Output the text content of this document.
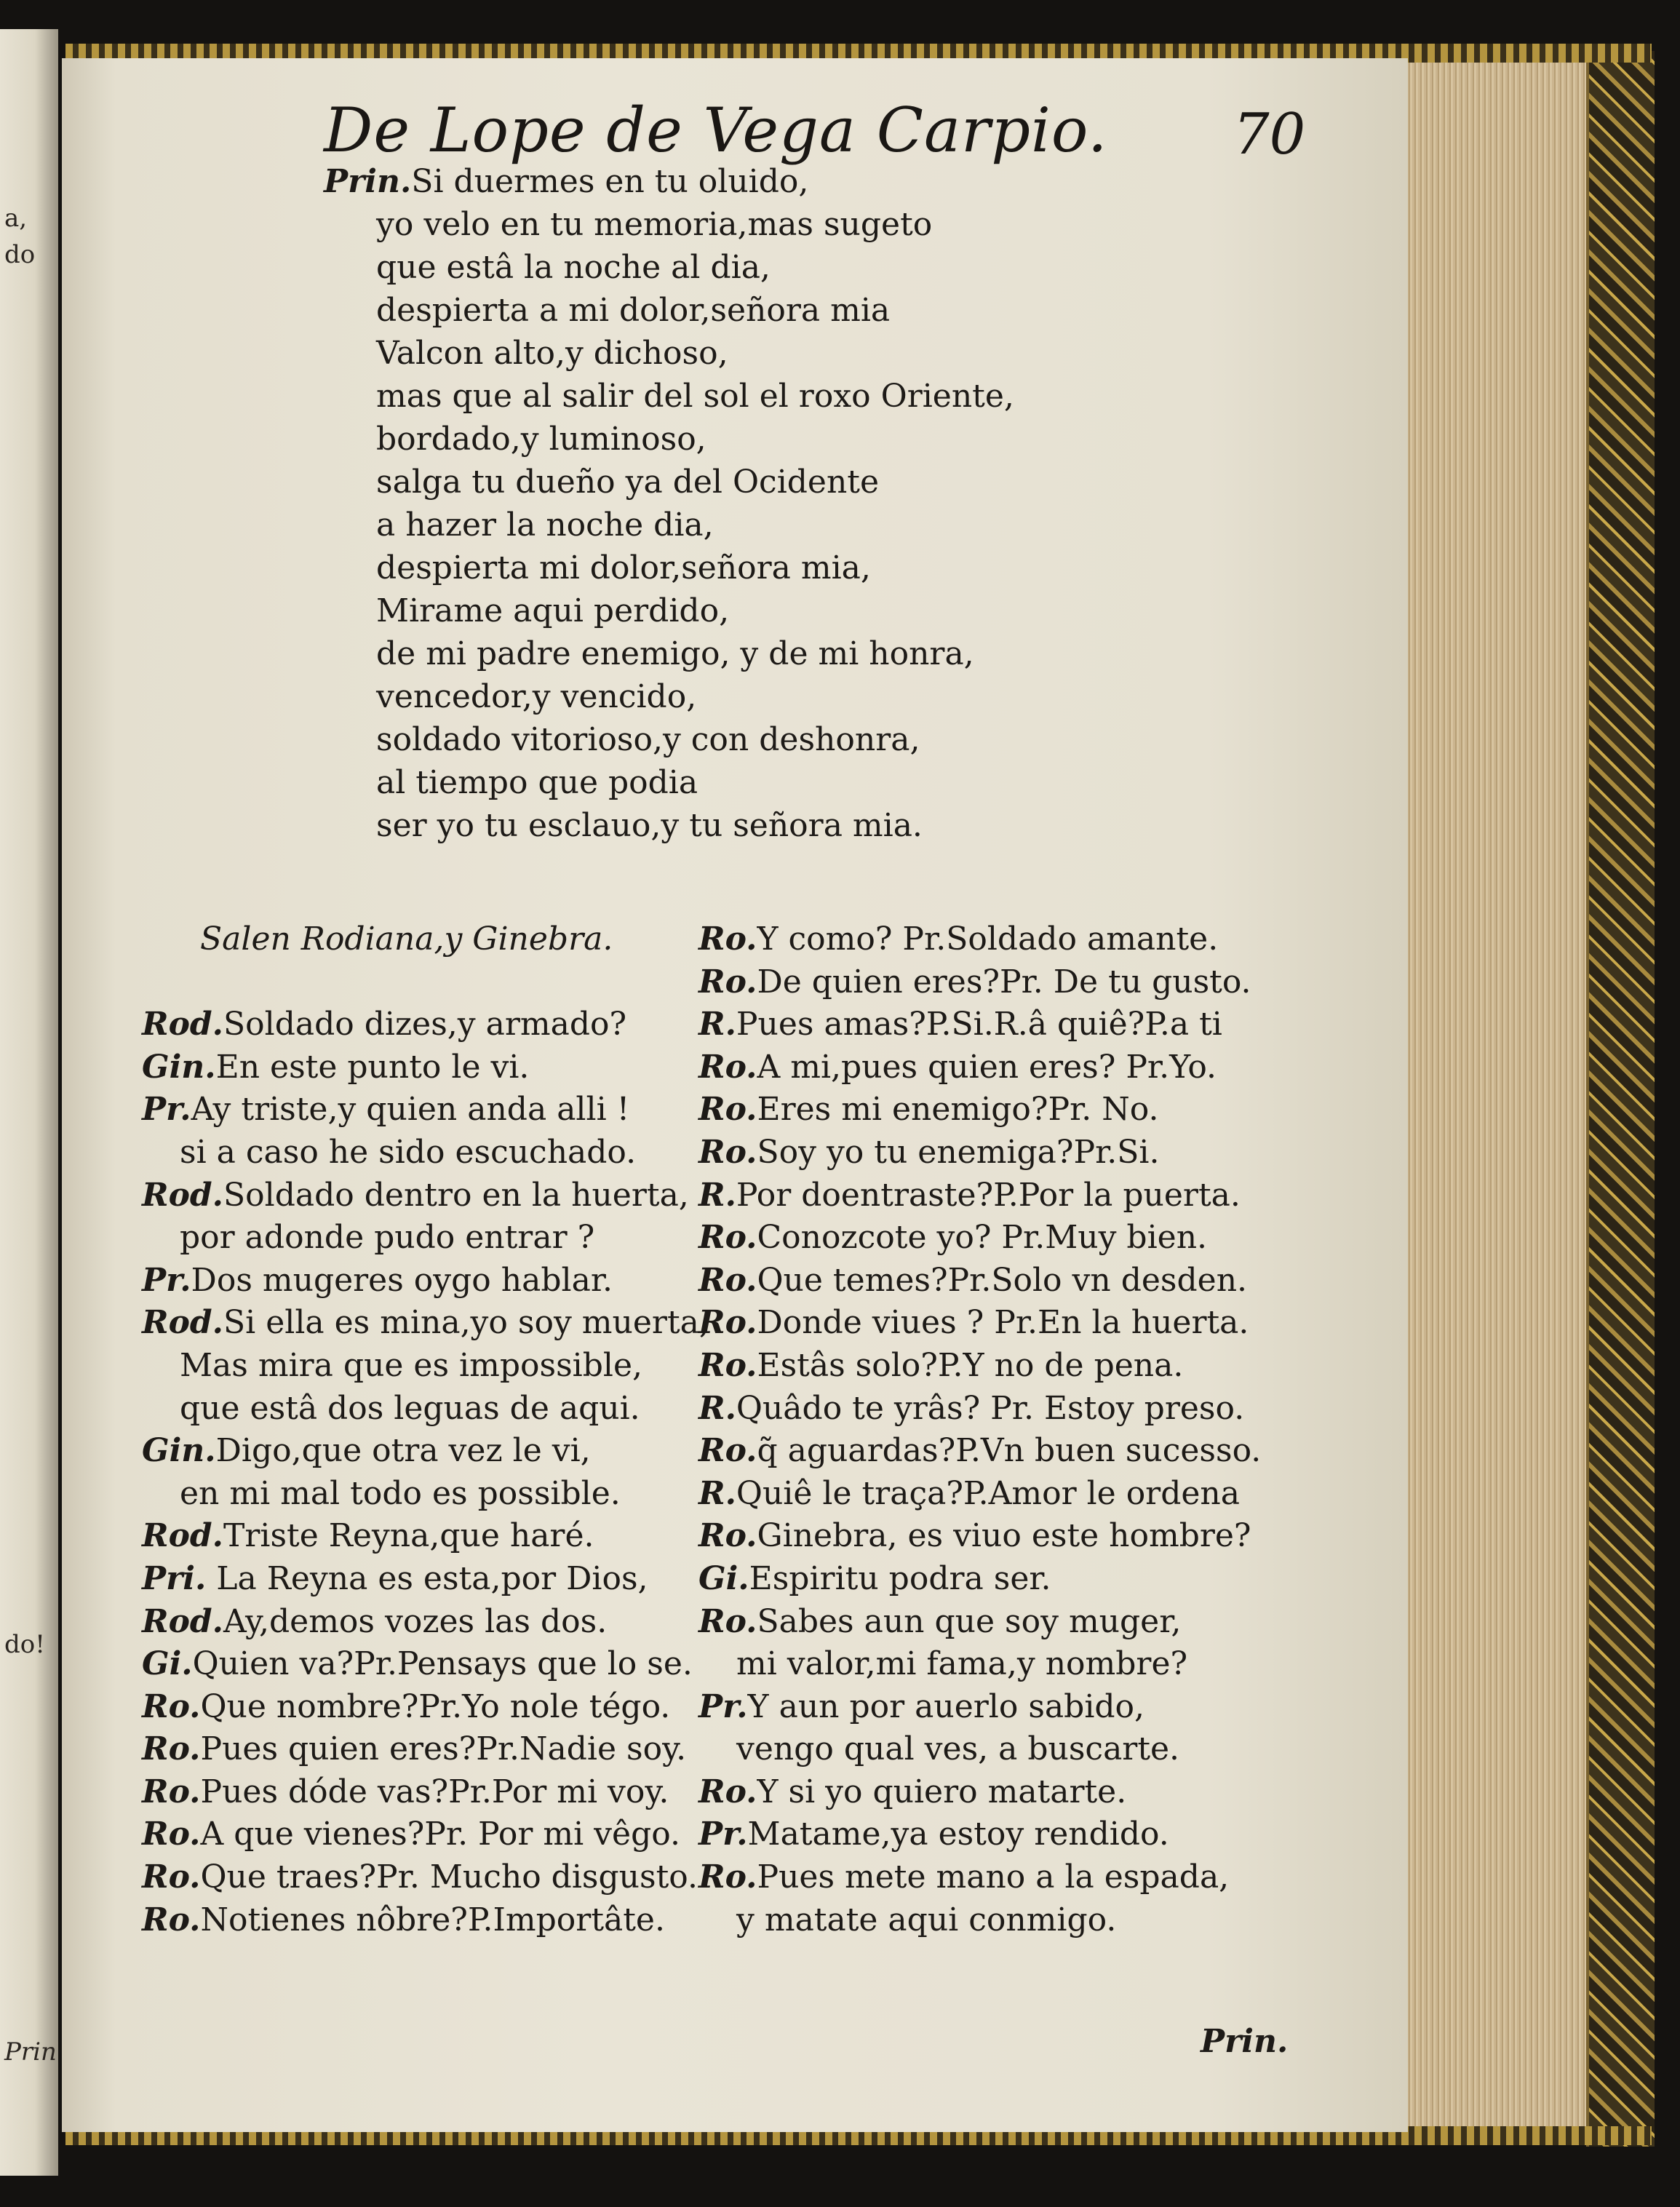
a,
do
do!
Prin
De Lope de Vega Carpio. 70
Prin.Si duermes en tu oluido,
yo velo en tu memoria,mas sugeto
que estâ la noche al dia,
despierta a mi dolor,señora mia
Valcon alto,y dichoso,
mas que al salir del sol el roxo Oriente,
bordado,y luminoso,
salga tu dueño ya del Ocidente
a hazer la noche dia,
despierta mi dolor,señora mia,
Mirame aqui perdido,
de mi padre enemigo, y de mi honra,
vencedor,y vencido,
soldado vitorioso,y con deshonra,
al tiempo que podia
ser yo tu esclauo,y tu señora mia.
Salen Rodiana,y Ginebra.
Rod.Soldado dizes,y armado?
Gin.En este punto le vi.
Pr.Ay triste,y quien anda alli !
si a caso he sido escuchado.
Rod.Soldado dentro en la huerta,
por adonde pudo entrar ?
Pr.Dos mugeres oygo hablar.
Rod.Si ella es mina,yo soy muerta,
Mas mira que es impossible,
que estâ dos leguas de aqui.
Gin.Digo,que otra vez le vi,
en mi mal todo es possible.
Rod.Triste Reyna,que haré.
Pri. La Reyna es esta,por Dios,
Rod.Ay,demos vozes las dos.
Gi.Quien va?Pr.Pensays que lo se.
Ro.Que nombre?Pr.Yo nole tégo.
Ro.Pues quien eres?Pr.Nadie soy.
Ro.Pues dóde vas?Pr.Por mi voy.
Ro.A que vienes?Pr. Por mi vêgo.
Ro.Que traes?Pr. Mucho disgusto.
Ro.Notienes nôbre?P.Importâte.
Ro.Y como? Pr.Soldado amante.
Ro.De quien eres?Pr. De tu gusto.
R.Pues amas?P.Si.R.â quiê?P.a ti
Ro.A mi,pues quien eres? Pr.Yo.
Ro.Eres mi enemigo?Pr. No.
Ro.Soy yo tu enemiga?Pr.Si.
R.Por doentraste?P.Por la puerta.
Ro.Conozcote yo? Pr.Muy bien.
Ro.Que temes?Pr.Solo vn desden.
Ro.Donde viues ? Pr.En la huerta.
Ro.Estâs solo?P.Y no de pena.
R.Quâdo te yrâs? Pr. Estoy preso.
Ro.q̃ aguardas?P.Vn buen sucesso.
R.Quiê le traça?P.Amor le ordena
Ro.Ginebra, es viuo este hombre?
Gi.Espiritu podra ser.
Ro.Sabes aun que soy muger,
mi valor,mi fama,y nombre?
Pr.Y aun por auerlo sabido,
vengo qual ves, a buscarte.
Ro.Y si yo quiero matarte.
Pr.Matame,ya estoy rendido.
Ro.Pues mete mano a la espada,
y matate aqui conmigo.
Prin.
